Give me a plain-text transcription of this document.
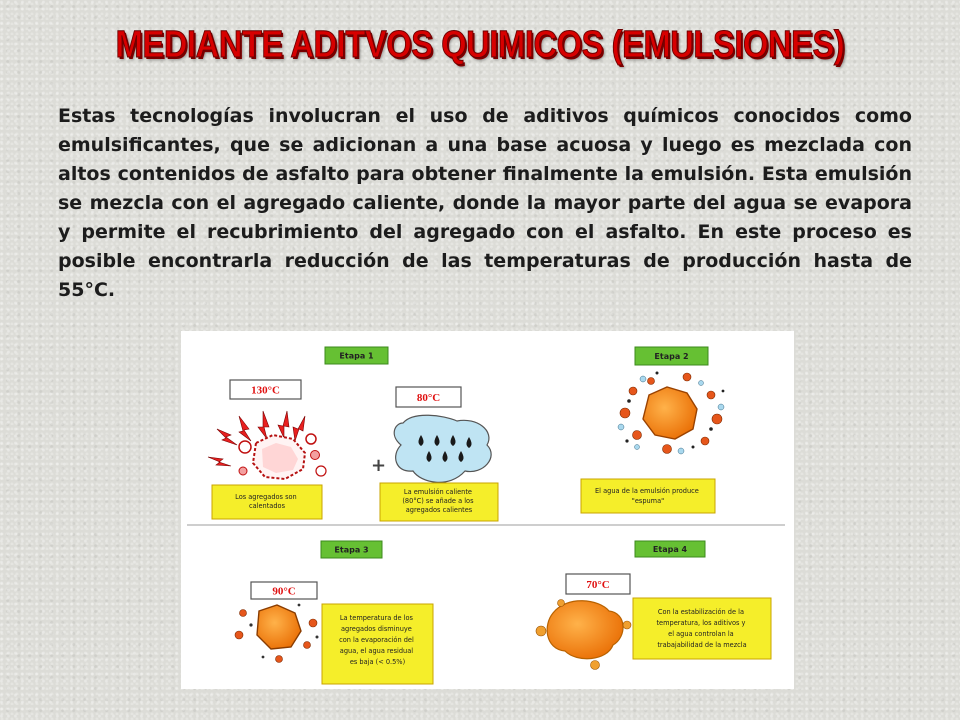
MEDIANTE ADITVOS QUIMICOS (EMULSIONES)

Estas tecnologías involucran el uso de aditivos químicos conocidos como emulsificantes, que se adicionan a una base acuosa y luego es mezclada con altos contenidos de asfalto para obtener finalmente la emulsión. Esta emulsión se mezcla con el agregado caliente, donde la mayor parte del agua se evapora y permite el recubrimiento del agregado con el asfalto. En este proceso es posible encontrarla reducción de las temperaturas de producción hasta de 55°C.

Etapa 1
130°C
+
80°C
Los agregados son calentados
La emulsión caliente (80°C) se añade a los agregados calientes
Etapa 2
El agua de la emulsión produce "espuma"
Etapa 3
90°C
La temperatura de los agregados disminuye con la evaporación del agua, el agua residual es baja (< 0.5%)
Etapa 4
70°C
Con la estabilización de la temperatura, los aditivos y el agua controlan la trabajabilidad de la mezcla
